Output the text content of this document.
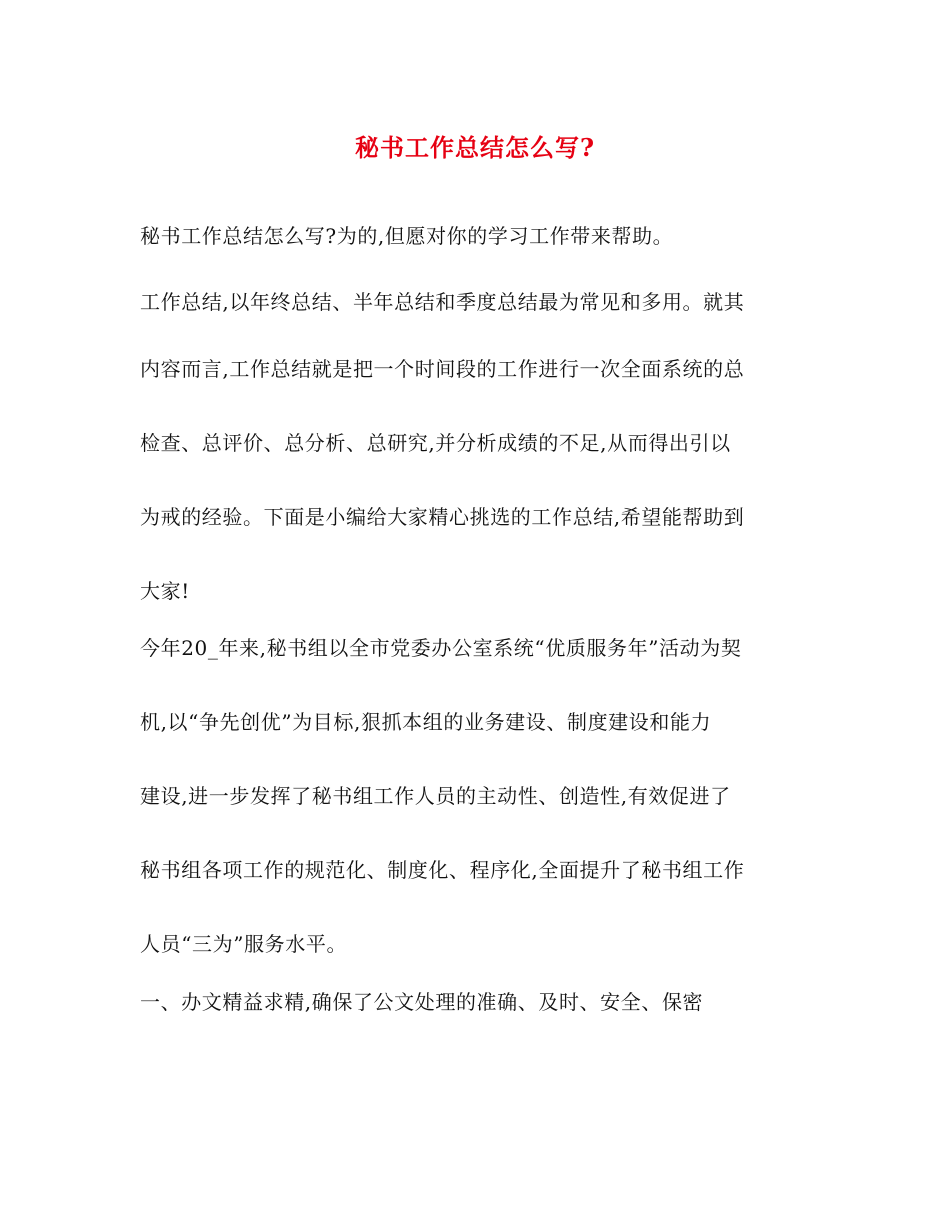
秘书工作总结怎么写?
秘书工作总结怎么写?为的,但愿对你的学习工作带来帮助。
工作总结,以年终总结、半年总结和季度总结最为常见和多用。就其
内容而言,工作总结就是把一个时间段的工作进行一次全面系统的总
检查、总评价、总分析、总研究,并分析成绩的不足,从而得出引以
为戒的经验。下面是小编给大家精心挑选的工作总结,希望能帮助到
大家!
今年20_年来,秘书组以全市党委办公室系统“优质服务年”活动为契
机,以“争先创优”为目标,狠抓本组的业务建设、制度建设和能力
建设,进一步发挥了秘书组工作人员的主动性、创造性,有效促进了
秘书组各项工作的规范化、制度化、程序化,全面提升了秘书组工作
人员“三为”服务水平。
一、办文精益求精,确保了公文处理的准确、及时、安全、保密
